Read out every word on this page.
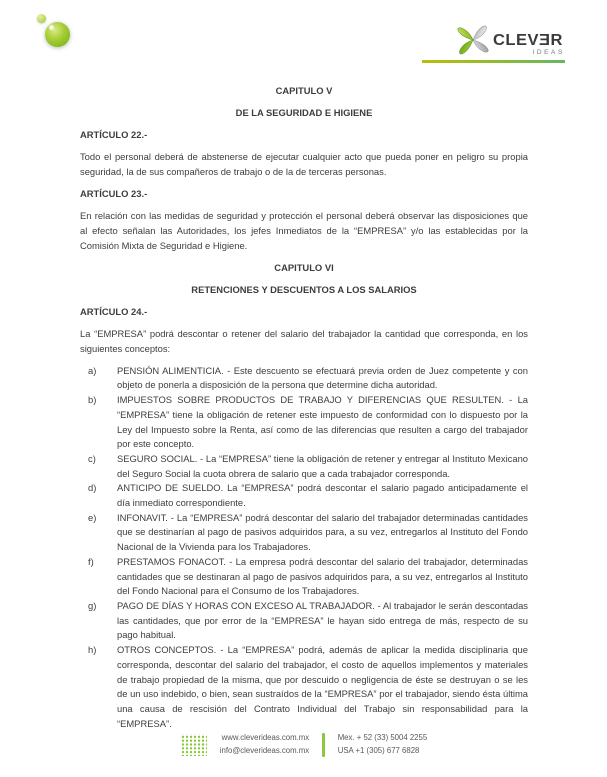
CLEVƎR
IDEAS
CAPITULO V
DE LA SEGURIDAD E HIGIENE
ARTÍCULO 22.-

Todo el personal deberá de abstenerse de ejecutar cualquier acto que pueda poner en peligro su propia seguridad, la de sus compañeros de trabajo o de la de terceras personas.

ARTÍCULO 23.-

En relación con las medidas de seguridad y protección el personal deberá observar las disposiciones que al efecto señalan las Autoridades, los jefes Inmediatos de la “EMPRESA” y/o las establecidas por la Comisión Mixta de Seguridad e Higiene.

CAPITULO VI
RETENCIONES Y DESCUENTOS A LOS SALARIOS
ARTÍCULO 24.-

La “EMPRESA” podrá descontar o retener del salario del trabajador la cantidad que corresponda, en los siguientes conceptos:

a) PENSIÓN ALIMENTICIA. - Este descuento se efectuará previa orden de Juez competente y con objeto de ponerla a disposición de la persona que determine dicha autoridad.
b) IMPUESTOS SOBRE PRODUCTOS DE TRABAJO Y DIFERENCIAS QUE RESULTEN. - La “EMPRESA” tiene la obligación de retener este impuesto de conformidad con lo dispuesto por la Ley del Impuesto sobre la Renta, así como de las diferencias que resulten a cargo del trabajador por este concepto.
c) SEGURO SOCIAL. - La “EMPRESA” tiene la obligación de retener y entregar al Instituto Mexicano del Seguro Social la cuota obrera de salario que a cada trabajador corresponda.
d) ANTICIPO DE SUELDO. La “EMPRESA” podrá descontar el salario pagado anticipadamente el día inmediato correspondiente.
e) INFONAVIT. - La “EMPRESA” podrá descontar del salario del trabajador determinadas cantidades que se destinarían al pago de pasivos adquiridos para, a su vez, entregarlos al Instituto del Fondo Nacional de la Vivienda para los Trabajadores.
f) PRESTAMOS FONACOT. - La empresa podrá descontar del salario del trabajador, determinadas cantidades que se destinaran al pago de pasivos adquiridos para, a su vez, entregarlos al Instituto del Fondo Nacional para el Consumo de los Trabajadores.
g) PAGO DE DÍAS Y HORAS CON EXCESO AL TRABAJADOR. - Al trabajador le serán descontadas las cantidades, que por error de la “EMPRESA” le hayan sido entrega de más, respecto de su pago habitual.
h) OTROS CONCEPTOS. - La “EMPRESA” podrá, además de aplicar la medida disciplinaria que corresponda, descontar del salario del trabajador, el costo de aquellos implementos y materiales de trabajo propiedad de la misma, que por descuido o negligencia de éste se destruyan o se les de un uso indebido, o bien, sean sustraídos de la “EMPRESA” por el trabajador, siendo ésta última una causa de rescisión del Contrato Individual del Trabajo sin responsabilidad para la “EMPRESA”.
www.cleverideas.com.mx
info@cleverideas.com.mx
Mex. + 52 (33) 5004 2255
USA +1 (305) 677 6828
